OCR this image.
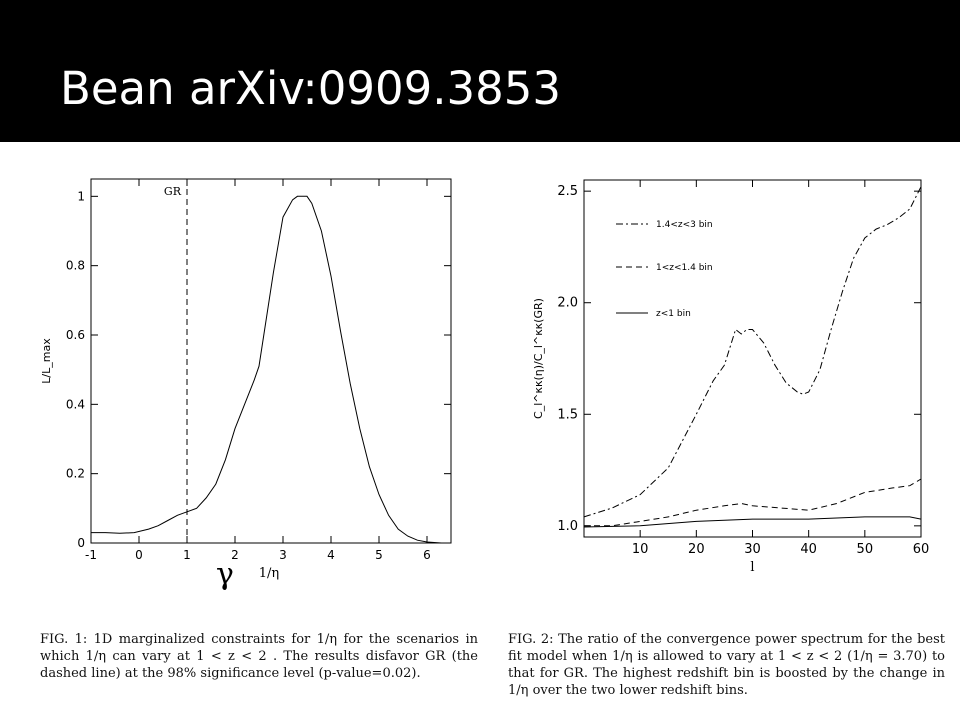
Bean arXiv:0909.3853
-1	0	1	2	3	4	5	6
0
0.2
0.4
0.6
0.8
1
1/η
L/L_max
GR
10	20	30	40	50	60
1.0
1.5
2.0
2.5
l
C_l^κκ(η)/C_l^κκ(GR)
1.4<z<3 bin
1<z<1.4 bin
z<1 bin
γ
FIG. 1: 1D marginalized constraints for 1/η for the scenarios in which 1/η can vary at 1 < z < 2 . The results disfavor GR (the dashed line) at the 98% significance level (p-value=0.02).
FIG. 2: The ratio of the convergence power spectrum for the best fit model when 1/η is allowed to vary at 1 < z < 2 (1/η = 3.70) to that for GR. The highest redshift bin is boosted by the change in 1/η over the two lower redshift bins.
